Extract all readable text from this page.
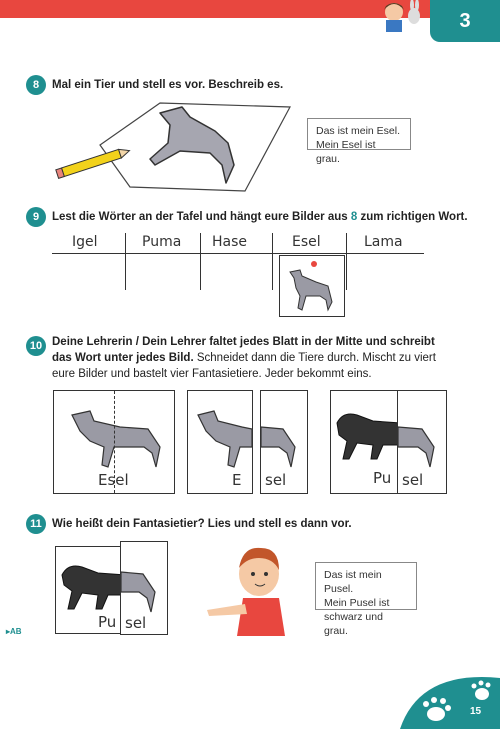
3
8	Mal ein Tier und stell es vor. Beschreib es.
Das ist mein Esel.
Mein Esel ist grau.
9	Lest die Wörter an der Tafel und hängt eure Bilder aus 8 zum richtigen Wort.
Igel	Puma Hase	Esel	Lama
10 Deine Lehrerin / Dein Lehrer faltet jedes Blatt in der Mitte und schreibt
das Wort unter jedes Bild. Schneidet dann die Tiere durch. Mischt zu viert
eure Bilder und bastelt vier Fantasietiere. Jeder bekommt eins.
Esel	E sel	Pu sel
11 Wie heißt dein Fantasietier? Lies und stell es dann vor.
Pu sel
Das ist mein Pusel.
Mein Pusel ist
schwarz und grau.
▸AB
15
